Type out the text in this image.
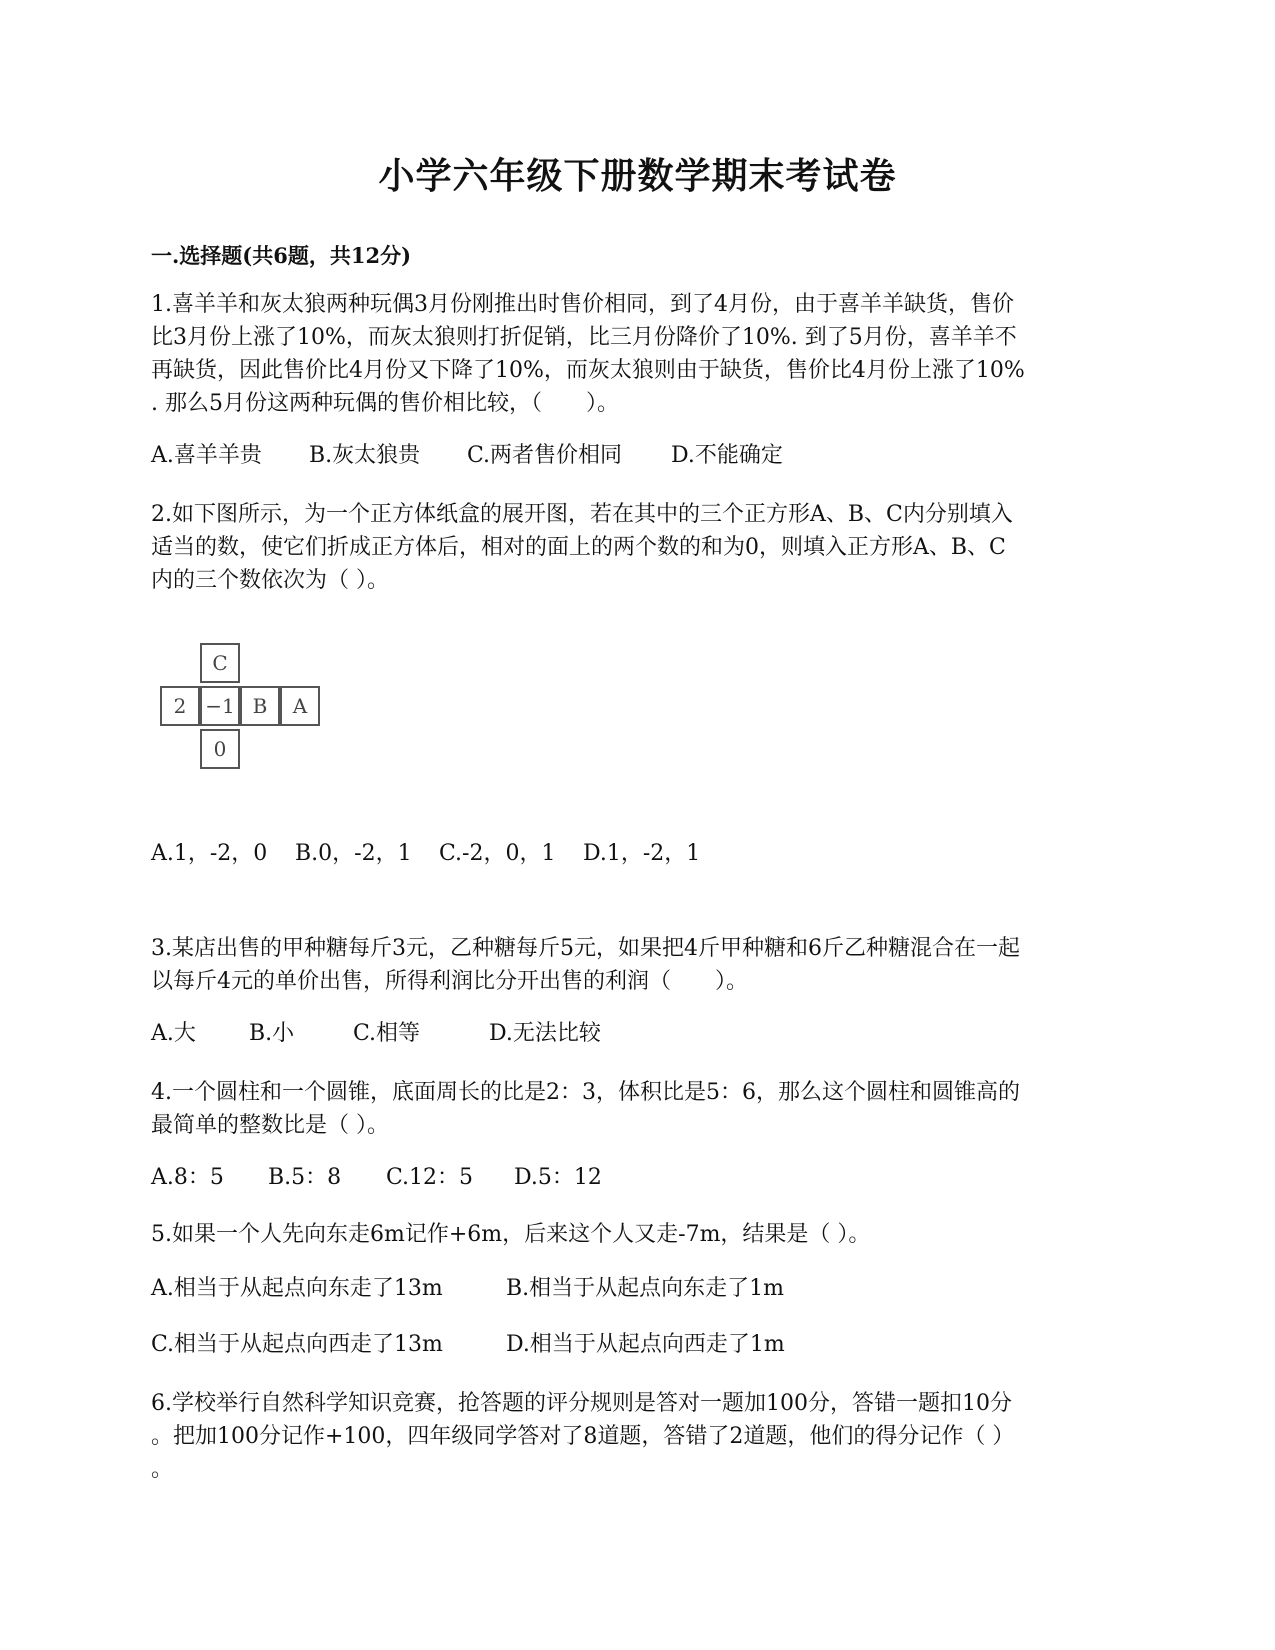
小学六年级下册数学期末考试卷
一.选择题(共6题，共12分)
1.喜羊羊和灰太狼两种玩偶3月份刚推出时售价相同，到了4月份，由于喜羊羊缺货，售价
比3月份上涨了10%，而灰太狼则打折促销，比三月份降价了10%. 到了5月份，喜羊羊不
再缺货，因此售价比4月份又下降了10%，而灰太狼则由于缺货，售价比4月份上涨了10%
. 那么5月份这两种玩偶的售价相比较，（　　）。
A.喜羊羊贵 B.灰太狼贵 C.两者售价相同 D.不能确定
2.如下图所示，为一个正方体纸盒的展开图，若在其中的三个正方形A、B、C内分别填入
适当的数，使它们折成正方体后，相对的面上的两个数的和为0，则填入正方形A、B、C
内的三个数依次为（ ）。
C
2 −1 B	A
0
A.1，-2，0 B.0，-2，1 C.-2，0，1 D.1，-2，1
3.某店出售的甲种糖每斤3元，乙种糖每斤5元，如果把4斤甲种糖和6斤乙种糖混合在一起
以每斤4元的单价出售，所得利润比分开出售的利润（　　）。
A.大 B.小	C.相等	D.无法比较
4.一个圆柱和一个圆锥，底面周长的比是2：3，体积比是5：6，那么这个圆柱和圆锥高的
最简单的整数比是（ ）。
A.8：5 B.5：8 C.12：5 D.5：12
5.如果一个人先向东走6m记作+6m，后来这个人又走-7m，结果是（ ）。
A.相当于从起点向东走了13m	B.相当于从起点向东走了1m
C.相当于从起点向西走了13m	D.相当于从起点向西走了1m
6.学校举行自然科学知识竞赛，抢答题的评分规则是答对一题加100分，答错一题扣10分
。把加100分记作+100，四年级同学答对了8道题，答错了2道题，他们的得分记作（ ）
。
